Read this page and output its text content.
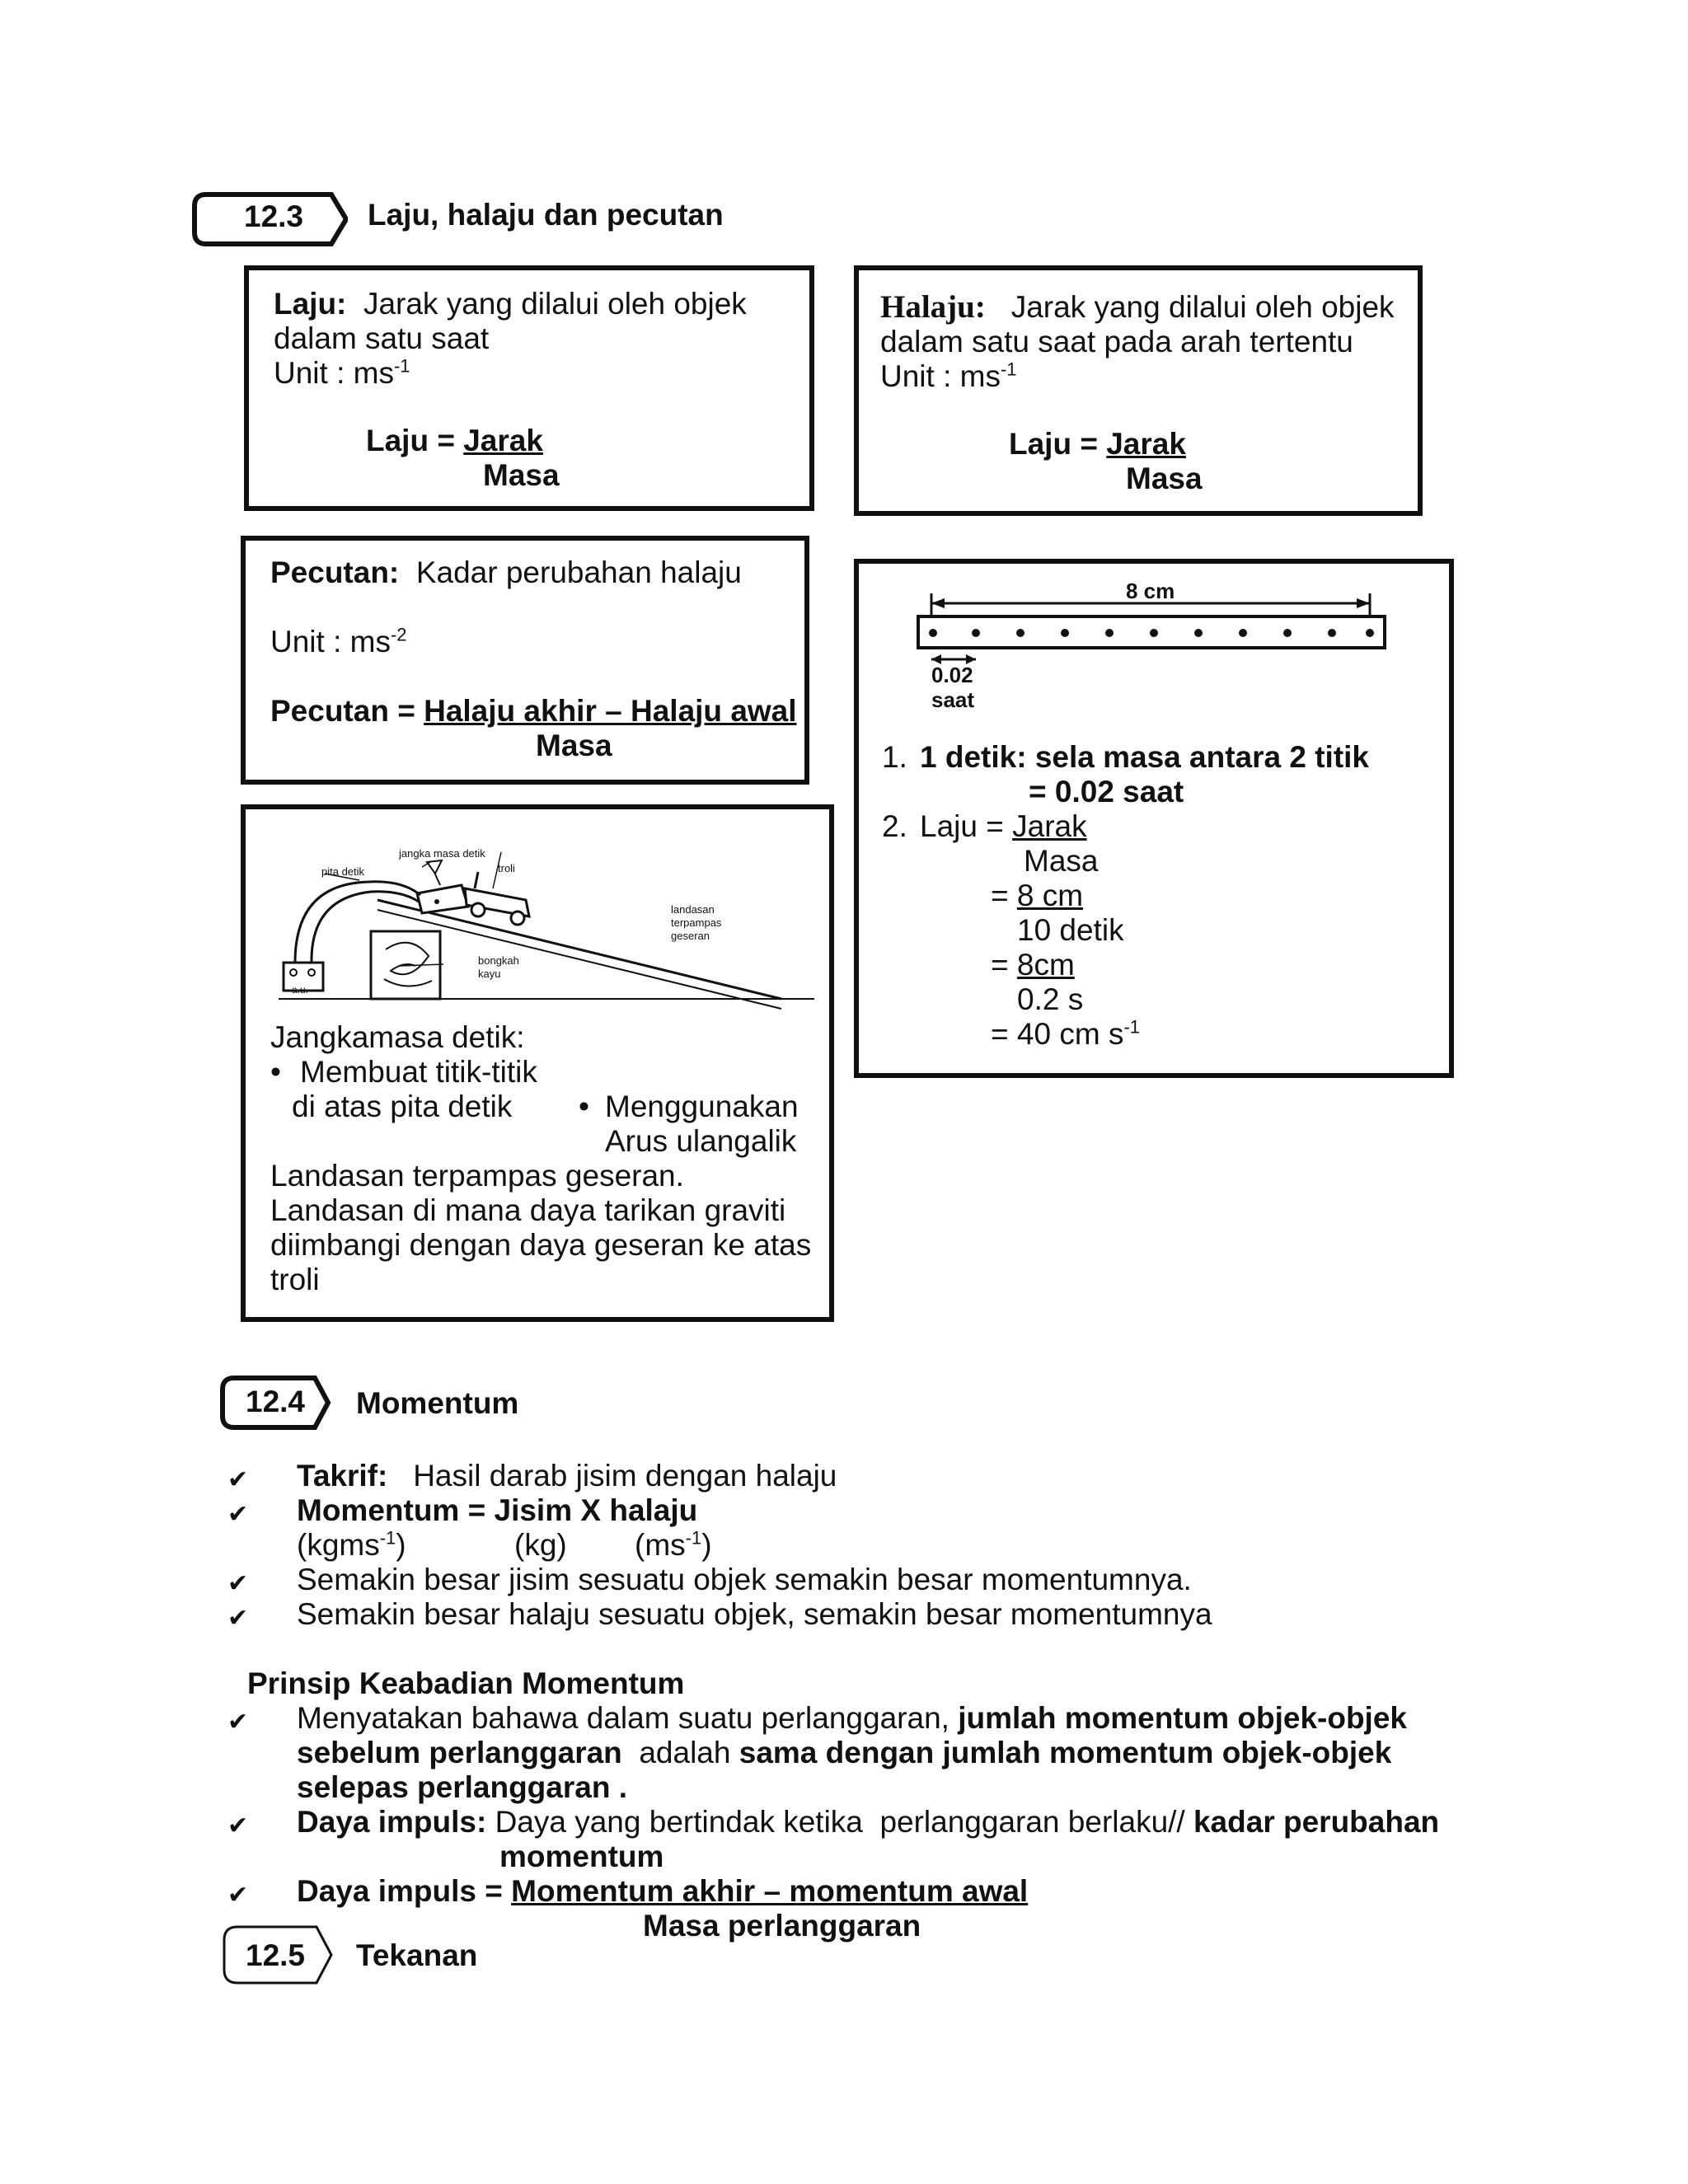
12.3 Laju, halaju dan pecutan
Laju: Jarak yang dilalui oleh objek
dalam satu saat
Unit : $ms^{-1}$
Laju = Jarak
Masa
Halaju: Jarak yang dilalui oleh objek
dalam satu saat pada arah tertentu
Unit : $ms^{-1}$
Laju = Jarak
Masa
Pecutan: Kadar perubahan halaju
Unit : $ms^{-2}$
Pecutan = Halaju akhir – Halaju awal
Masa
8 cm
0.02
saat
1. 1 detik: sela masa antara 2 titik
= 0.02 saat
2. Laju = Jarak
Masa
= 8 cm
10 detik
= 8cm
0.2 s
= 40 cm $s^{-1}$
jangka masa detik
pita detik	troli
landasan
terpampas
geseran
bongkah
kayu
a.u.
Jangkamasa detik:
• Membuat titik-titik
di atas pita detik • Menggunakan
Arus ulangalik
Landasan terpampas geseran.
Landasan di mana daya tarikan graviti
diimbangi dengan daya geseran ke atas
troli
12.4 Momentum
✔ Takrif: Hasil darab jisim dengan halaju
✔ Momentum = Jisim X halaju
(kgms$^{-1}$)	(kg) $(ms^{-1})$
✔ Semakin besar jisim sesuatu objek semakin besar momentumnya.
✔ Semakin besar halaju sesuatu objek, semakin besar momentumnya
Prinsip Keabadian Momentum
✔ Menyatakan bahawa dalam suatu perlanggaran, jumlah momentum objek-objek
sebelum perlanggaran  adalah sama dengan jumlah momentum objek-objek
selepas perlanggaran .
✔ Daya impuls: Daya yang bertindak ketika  perlanggaran berlaku// kadar perubahan
momentum
✔ Daya impuls = Momentum akhir – momentum awal
Masa perlanggaran
12.5 Tekanan
